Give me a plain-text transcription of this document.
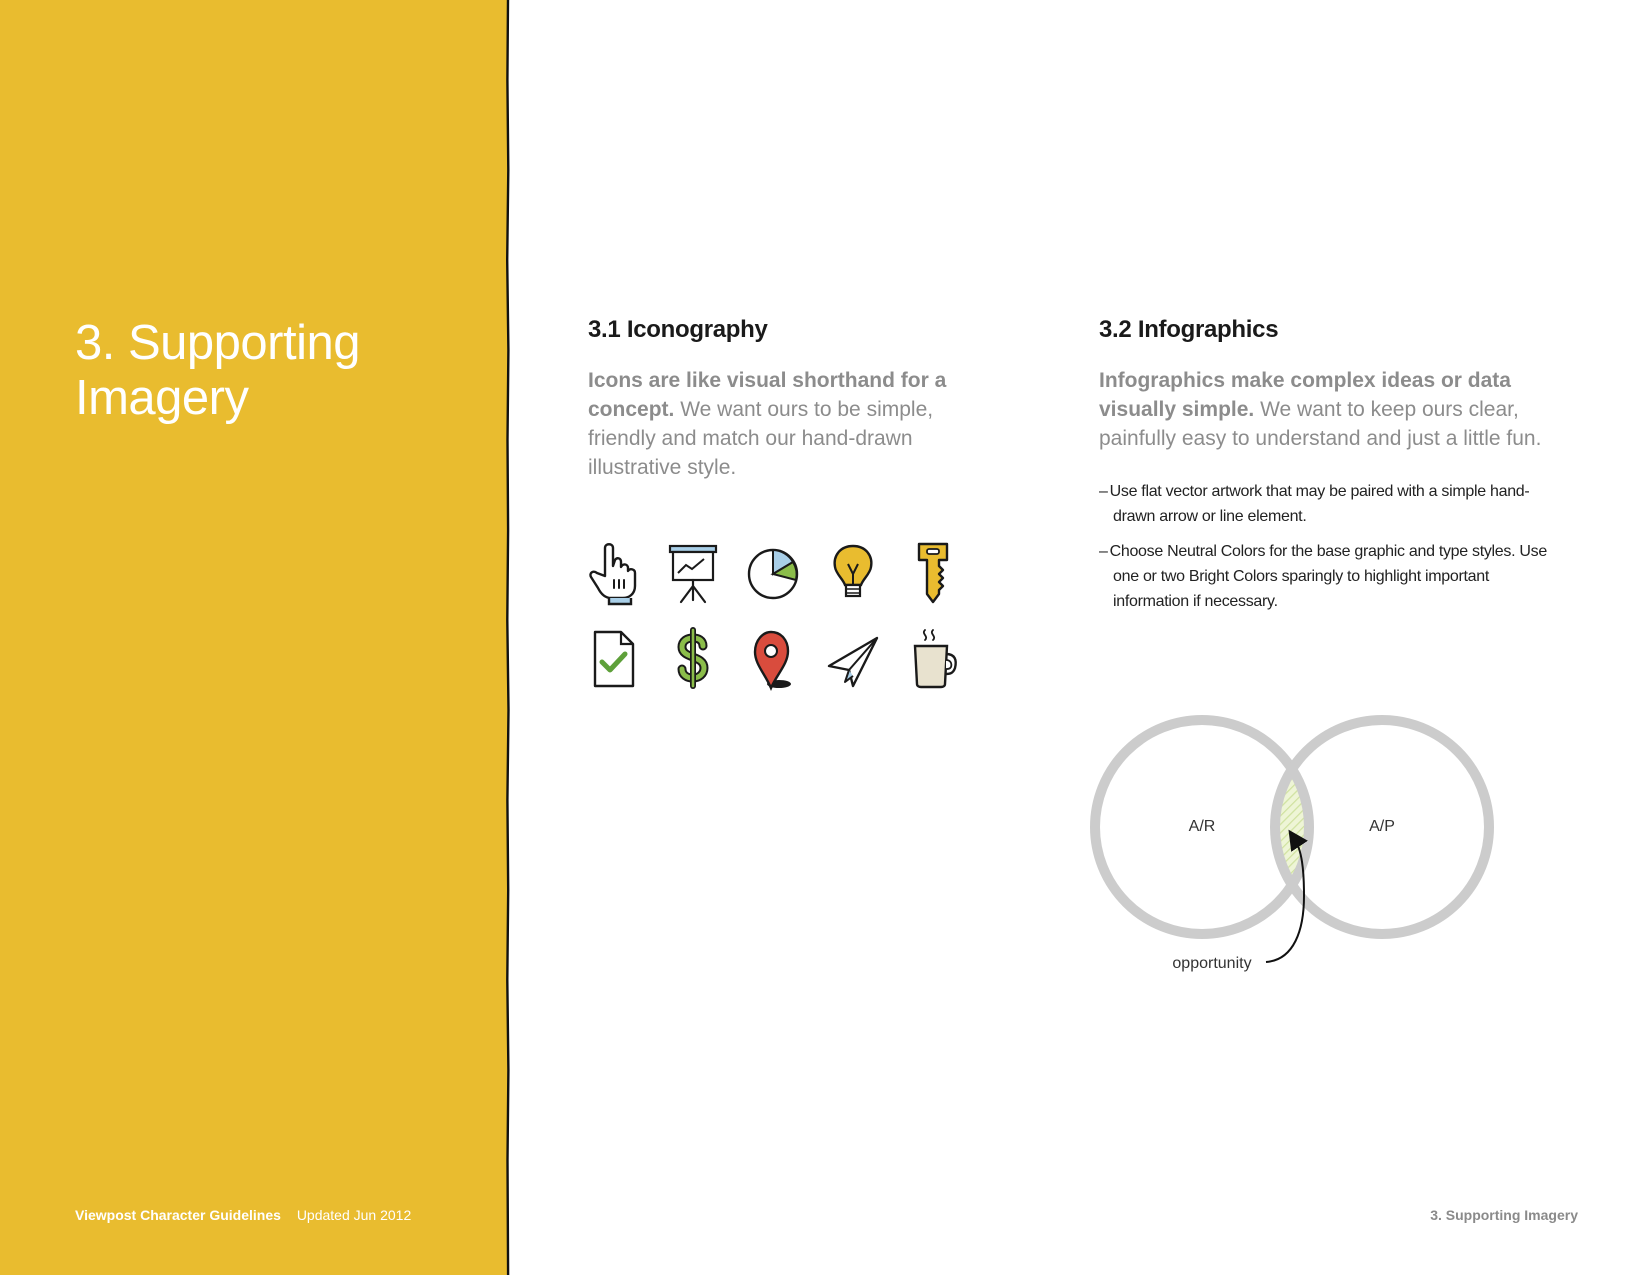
3. Supporting
Imagery
Viewpost Character Guidelines Updated Jun 2012
3.1 Iconography

Icons are like visual shorthand for a concept. We want ours to be simple, friendly and match our hand-drawn illustrative style.

3.2 Infographics

Infographics make complex ideas or data visually simple. We want to keep ours clear, painfully easy to understand and just a little fun.

– Use flat vector artwork that may be paired with a simple hand-drawn arrow or line element.
– Choose Neutral Colors for the base graphic and type styles. Use one or two Bright Colors sparingly to highlight important information if necessary.
A/R	A/P
opportunity
3. Supporting Imagery
